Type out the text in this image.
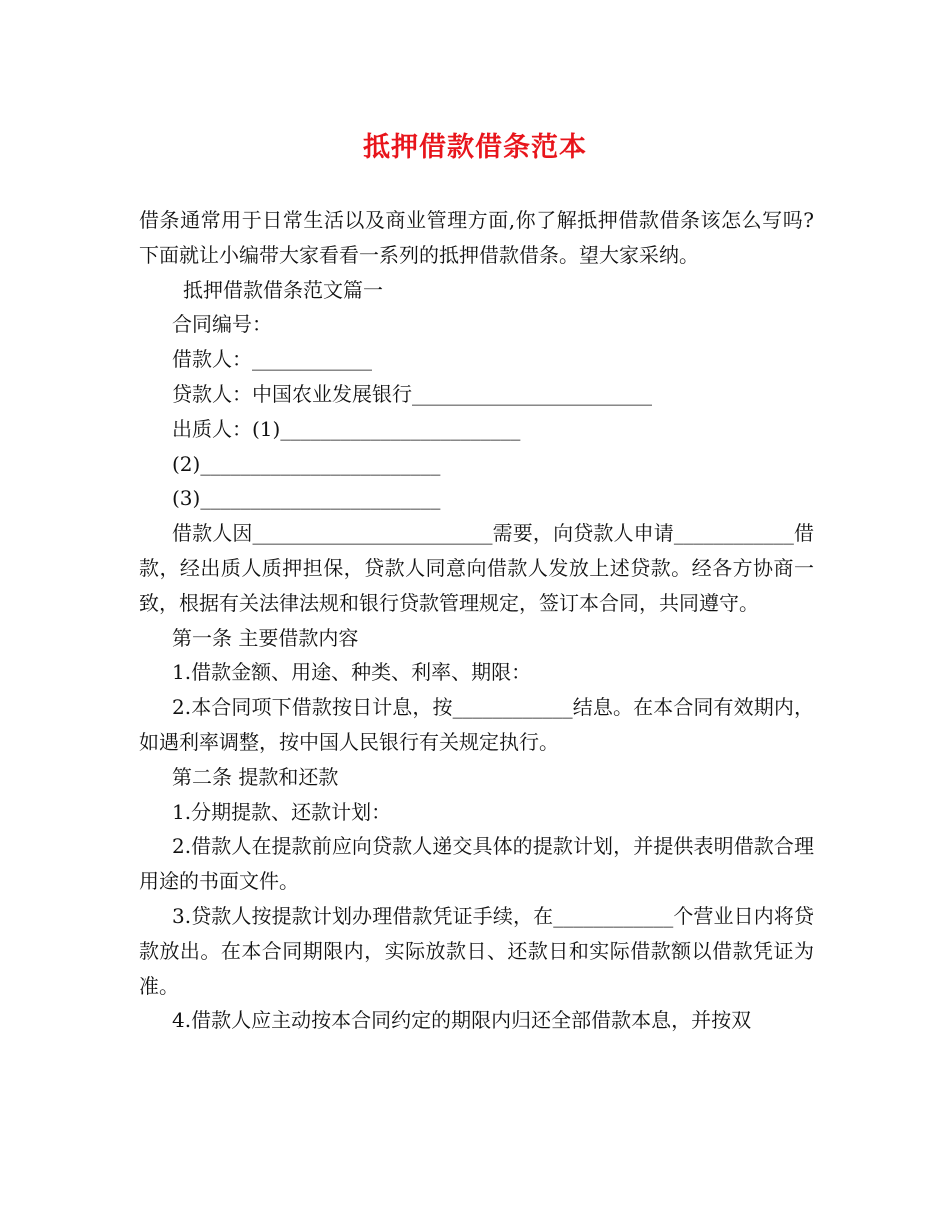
抵押借款借条范本

借条通常用于日常生活以及商业管理方面,你了解抵押借款借条该怎么写吗?下面就让小编带大家看看一系列的抵押借款借条。望大家采纳。

抵押借款借条范文篇一

合同编号：

借款人：____________

贷款人：中国农业发展银行________________________

出质人：(1)________________________

(2)________________________

(3)________________________

借款人因________________________需要，向贷款人申请____________借款，经出质人质押担保，贷款人同意向借款人发放上述贷款。经各方协商一致，根据有关法律法规和银行贷款管理规定，签订本合同，共同遵守。

第一条 主要借款内容

1.借款金额、用途、种类、利率、期限：

2.本合同项下借款按日计息，按____________结息。在本合同有效期内，如遇利率调整，按中国人民银行有关规定执行。

第二条 提款和还款

1.分期提款、还款计划：

2.借款人在提款前应向贷款人递交具体的提款计划，并提供表明借款合理用途的书面文件。

3.贷款人按提款计划办理借款凭证手续，在____________个营业日内将贷款放出。在本合同期限内，实际放款日、还款日和实际借款额以借款凭证为准。

4.借款人应主动按本合同约定的期限内归还全部借款本息，并按双
